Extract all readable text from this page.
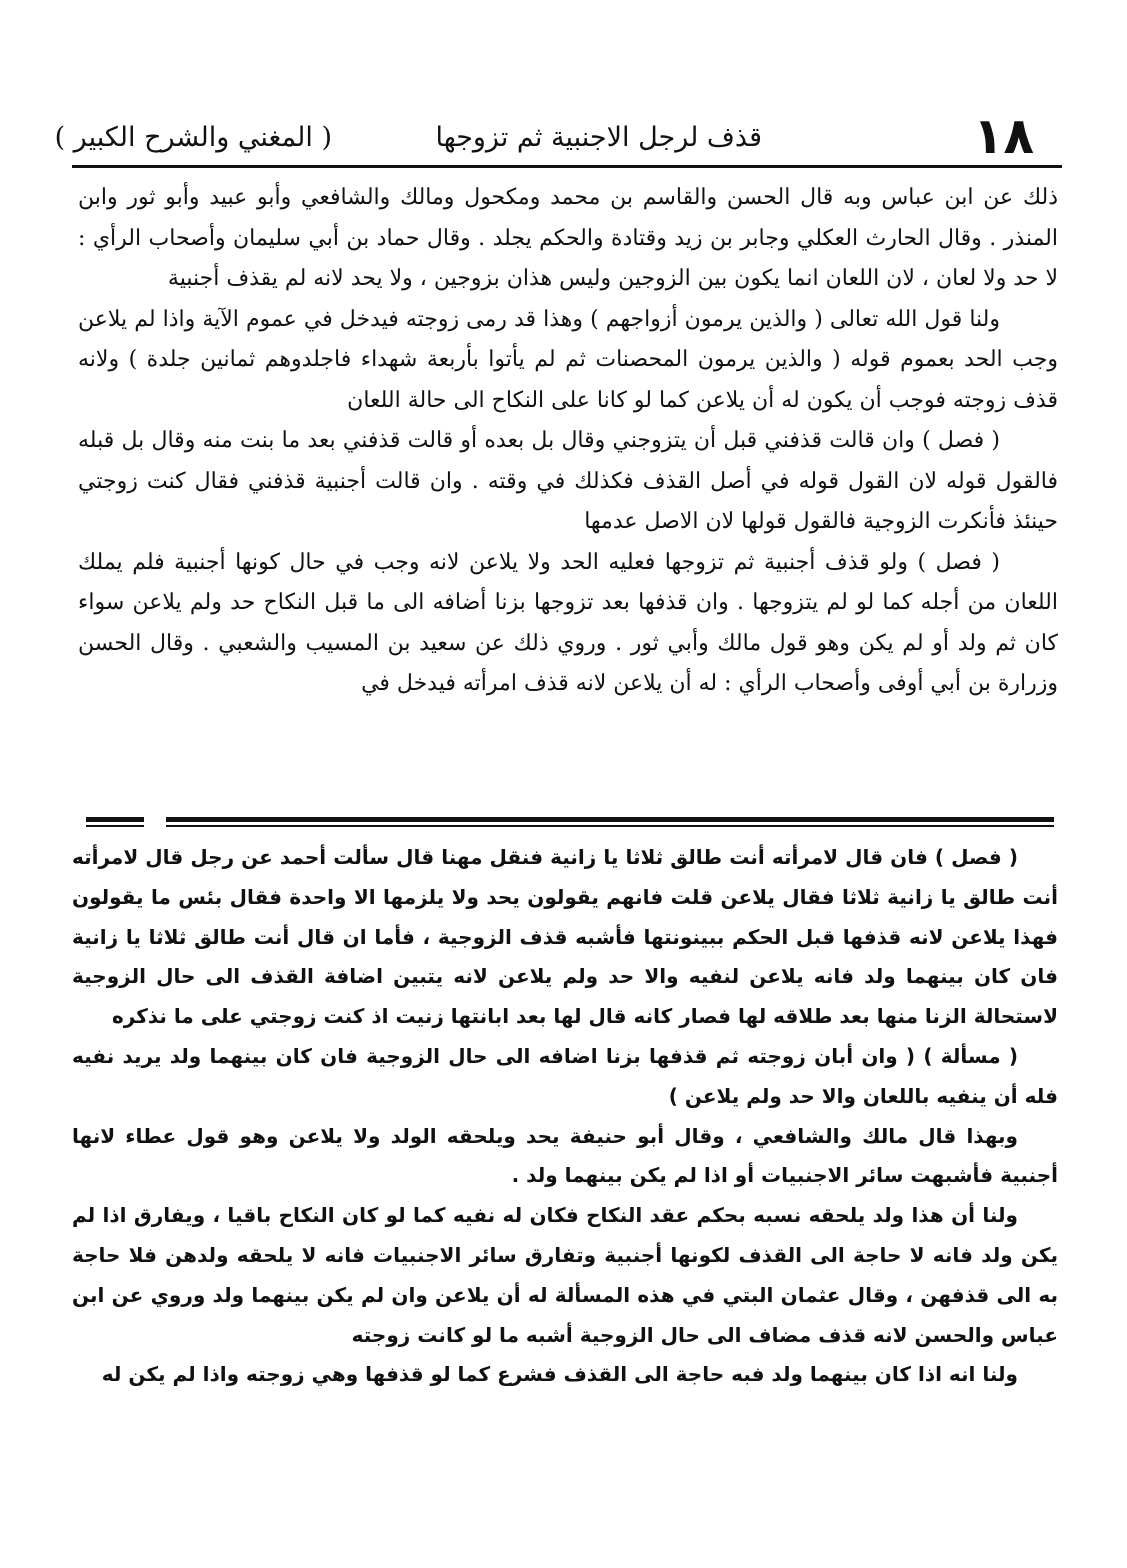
١٨
قذف لرجل الاجنبية ثم تزوجها
( المغني والشرح الكبير )

ذلك عن ابن عباس وبه قال الحسن والقاسم بن محمد ومكحول ومالك والشافعي وأبو عبيد وأبو ثور وابن المنذر . وقال الحارث العكلي وجابر بن زيد وقتادة والحكم يجلد . وقال حماد بن أبي سليمان وأصحاب الرأي : لا حد ولا لعان ، لان اللعان انما يكون بين الزوجين وليس هذان بزوجين ، ولا يحد لانه لم يقذف أجنبية

ولنا قول الله تعالى ( والذين يرمون أزواجهم ) وهذا قد رمى زوجته فيدخل في عموم الآية واذا لم يلاعن وجب الحد بعموم قوله ( والذين يرمون المحصنات ثم لم يأتوا بأربعة شهداء فاجلدوهم ثمانين جلدة ) ولانه قذف زوجته فوجب أن يكون له أن يلاعن كما لو كانا على النكاح الى حالة اللعان

( فصل ) وان قالت قذفني قبل أن يتزوجني وقال بل بعده أو قالت قذفني بعد ما بنت منه وقال بل قبله فالقول قوله لان القول قوله في أصل القذف فكذلك في وقته . وان قالت أجنبية قذفني فقال كنت زوجتي حينئذ فأنكرت الزوجية فالقول قولها لان الاصل عدمها

( فصل ) ولو قذف أجنبية ثم تزوجها فعليه الحد ولا يلاعن لانه وجب في حال كونها أجنبية فلم يملك اللعان من أجله كما لو لم يتزوجها . وان قذفها بعد تزوجها بزنا أضافه الى ما قبل النكاح حد ولم يلاعن سواء كان ثم ولد أو لم يكن وهو قول مالك وأبي ثور . وروي ذلك عن سعيد بن المسيب والشعبي . وقال الحسن وزرارة بن أبي أوفى وأصحاب الرأي : له أن يلاعن لانه قذف امرأته فيدخل في

( فصل ) فان قال لامرأته أنت طالق ثلاثا يا زانية فنقل مهنا قال سألت أحمد عن رجل قال لامرأته أنت طالق يا زانية ثلاثا فقال يلاعن قلت فانهم يقولون يحد ولا يلزمها الا واحدة فقال بئس ما يقولون فهذا يلاعن لانه قذفها قبل الحكم ببينونتها فأشبه قذف الزوجية ، فأما ان قال أنت طالق ثلاثا يا زانية فان كان بينهما ولد فانه يلاعن لنفيه والا حد ولم يلاعن لانه يتبين اضافة القذف الى حال الزوجية لاستحالة الزنا منها بعد طلاقه لها فصار كانه قال لها بعد ابانتها زنيت اذ كنت زوجتي على ما نذكره

( مسألة ) ( وان أبان زوجته ثم قذفها بزنا اضافه الى حال الزوجية فان كان بينهما ولد يريد نفيه فله أن ينفيه باللعان والا حد ولم يلاعن )

وبهذا قال مالك والشافعي ، وقال أبو حنيفة يحد ويلحقه الولد ولا يلاعن وهو قول عطاء لانها أجنبية فأشبهت سائر الاجنبيات أو اذا لم يكن بينهما ولد .

ولنا أن هذا ولد يلحقه نسبه بحكم عقد النكاح فكان له نفيه كما لو كان النكاح باقيا ، ويفارق اذا لم يكن ولد فانه لا حاجة الى القذف لكونها أجنبية وتفارق سائر الاجنبيات فانه لا يلحقه ولدهن فلا حاجة به الى قذفهن ، وقال عثمان البتي في هذه المسألة له أن يلاعن وان لم يكن بينهما ولد وروي عن ابن عباس والحسن لانه قذف مضاف الى حال الزوجية أشبه ما لو كانت زوجته

ولنا انه اذا كان بينهما ولد فبه حاجة الى القذف فشرع كما لو قذفها وهي زوجته واذا لم يكن له
